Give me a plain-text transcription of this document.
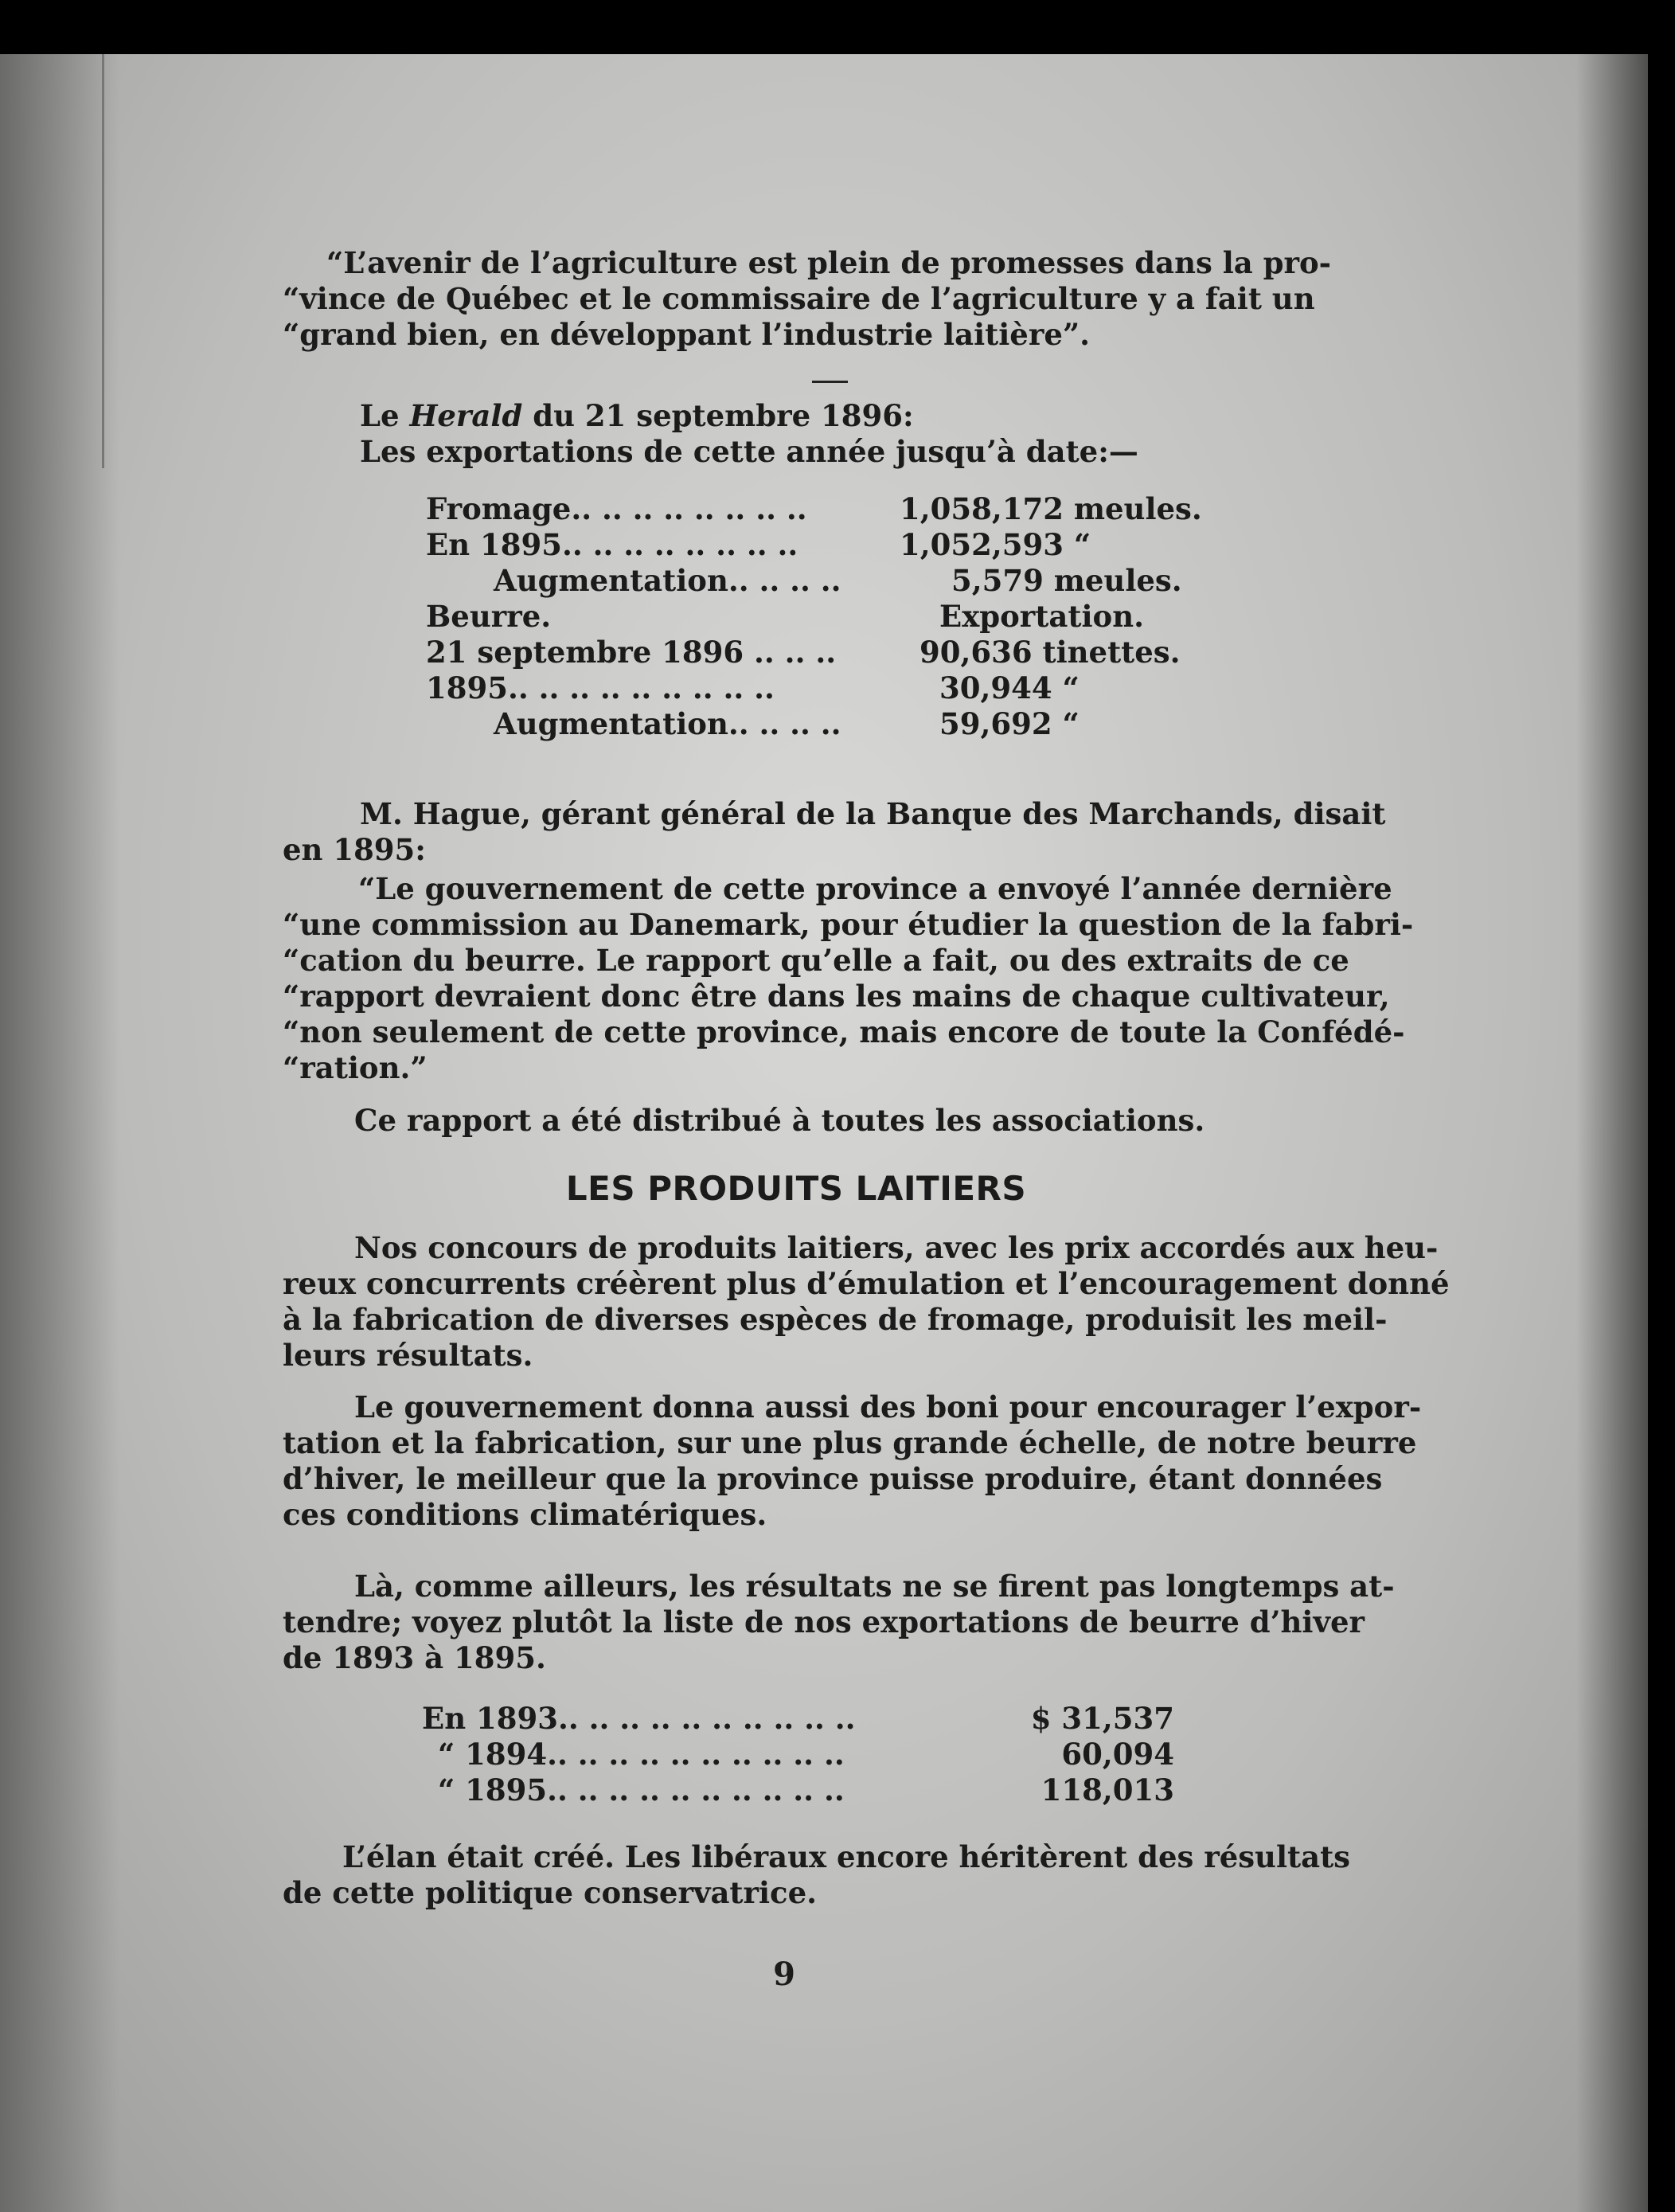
“L’avenir de l’agriculture est plein de promesses dans la pro-
“vince de Québec et le commissaire de l’agriculture y a fait un
“grand bien, en développant l’industrie laitière”.
Le Herald du 21 septembre 1896:
Les exportations de cette année jusqu’à date:—
Fromage.. .. .. .. .. .. .. ..	1,058,172 meules.
En 1895.. .. .. .. .. .. .. ..	1,052,593 “
Augmentation.. .. .. ..	5,579 meules.
Beurre.	Exportation.
21 septembre 1896 .. .. ..	90,636 tinettes.
1895.. .. .. .. .. .. .. .. ..	30,944 “
Augmentation.. .. .. ..	59,692 “
M. Hague, gérant général de la Banque des Marchands, disait
en 1895:
“Le gouvernement de cette province a envoyé l’année dernière
“une commission au Danemark, pour étudier la question de la fabri-
“cation du beurre. Le rapport qu’elle a fait, ou des extraits de ce
“rapport devraient donc être dans les mains de chaque cultivateur,
“non seulement de cette province, mais encore de toute la Confédé-
“ration.”
Ce rapport a été distribué à toutes les associations.
LES PRODUITS LAITIERS
Nos concours de produits laitiers, avec les prix accordés aux heu-
reux concurrents créèrent plus d’émulation et l’encouragement donné
à la fabrication de diverses espèces de fromage, produisit les meil-
leurs résultats.
Le gouvernement donna aussi des boni pour encourager l’expor-
tation et la fabrication, sur une plus grande échelle, de notre beurre
d’hiver, le meilleur que la province puisse produire, étant données
ces conditions climatériques.
Là, comme ailleurs, les résultats ne se firent pas longtemps at-
tendre; voyez plutôt la liste de nos exportations de beurre d’hiver
de 1893 à 1895.
En 1893.. .. .. .. .. .. .. .. .. ..	$ 31,537
“ 1894.. .. .. .. .. .. .. .. .. ..	60,094
“ 1895.. .. .. .. .. .. .. .. .. ..	118,013
L’élan était créé. Les libéraux encore héritèrent des résultats
de cette politique conservatrice.
9
